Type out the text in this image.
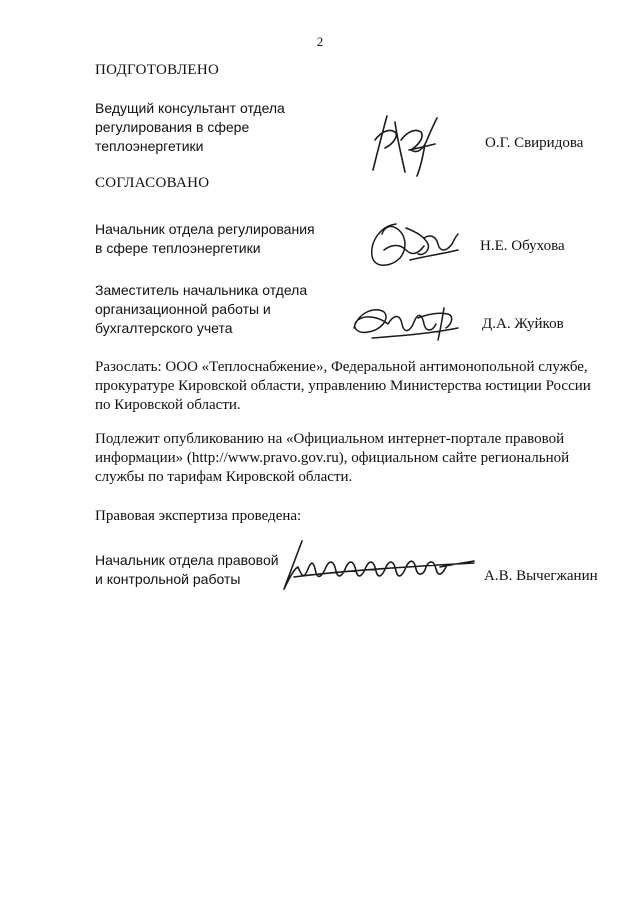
2
ПОДГОТОВЛЕНО
Ведущий консультант отдела
регулирования в сфере
теплоэнергетики	О.Г. Свиридова
СОГЛАСОВАНО
Начальник отдела регулирования
в сфере теплоэнергетики	Н.Е. Обухова
Заместитель начальника отдела
организационной работы и
бухгалтерского учета	Д.А. Жуйков
Разослать: ООО «Теплоснабжение», Федеральной антимонопольной службе,
прокуратуре Кировской области, управлению Министерства юстиции России
по Кировской области.
Подлежит опубликованию на «Официальном интернет-портале правовой
информации» (http://www.pravo.gov.ru), официальном сайте региональной
службы по тарифам Кировской области.
Правовая экспертиза проведена:
Начальник отдела правовой
и контрольной работы	А.В. Вычегжанин
